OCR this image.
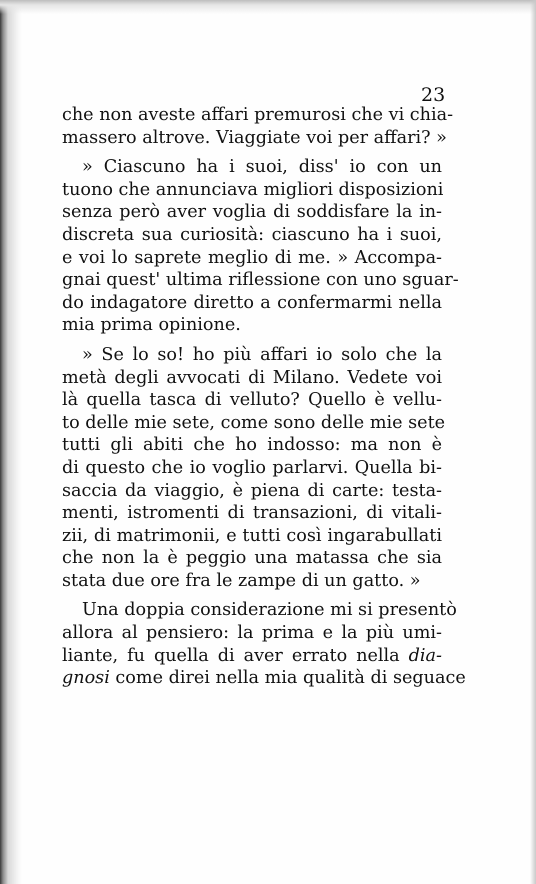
23
che non aveste affari premurosi che vi chia-
massero altrove. Viaggiate voi per affari? »
» Ciascuno ha i suoi, diss' io con un
tuono che annunciava migliori disposizioni
senza però aver voglia di soddisfare la in-
discreta sua curiosità: ciascuno ha i suoi,
e voi lo saprete meglio di me. » Accompa-
gnai quest' ultima riflessione con uno sguar-
do indagatore diretto a confermarmi nella
mia prima opinione.
» Se lo so! ho più affari io solo che la
metà degli avvocati di Milano. Vedete voi
là quella tasca di velluto? Quello è vellu-
to delle mie sete, come sono delle mie sete
tutti gli abiti che ho indosso: ma non è
di questo che io voglio parlarvi. Quella bi-
saccia da viaggio, è piena di carte: testa-
menti, istromenti di transazioni, di vitali-
zii, di matrimonii, e tutti così ingarabullati
che non la è peggio una matassa che sia
stata due ore fra le zampe di un gatto. »
Una doppia considerazione mi si presentò
allora al pensiero: la prima e la più umi-
liante, fu quella di aver errato nella dia-
gnosi come direi nella mia qualità di seguace
